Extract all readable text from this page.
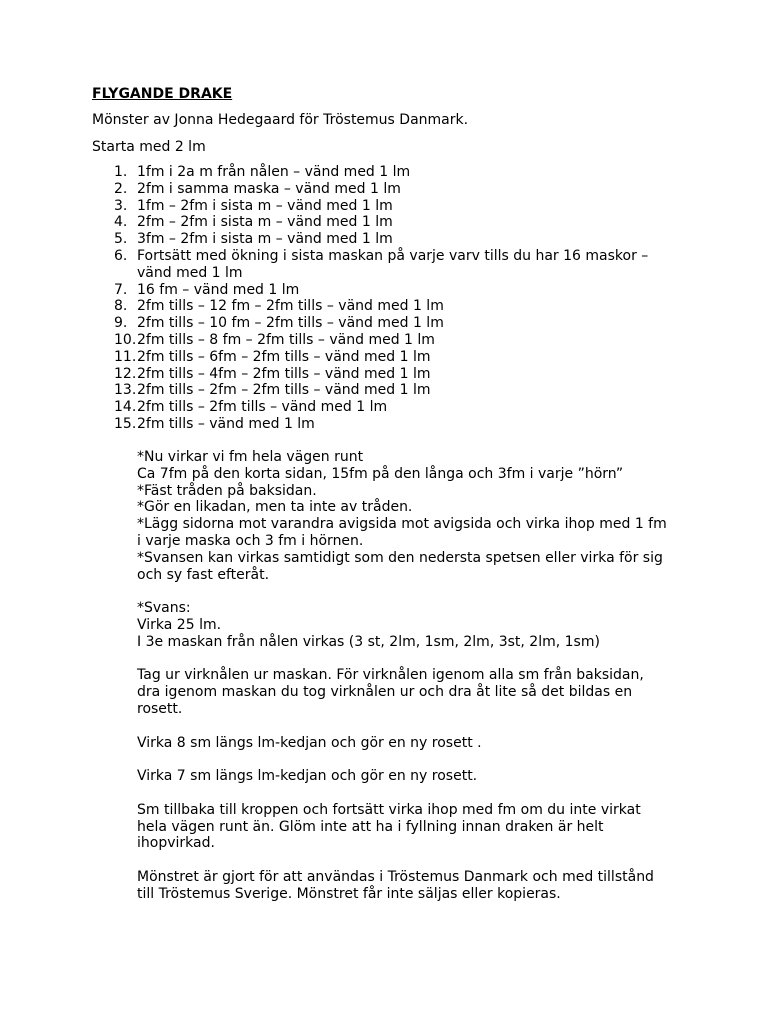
FLYGANDE DRAKE
Mönster av Jonna Hedegaard för Tröstemus Danmark.
Starta med 2 lm
1. 1fm i 2a m från nålen – vänd med 1 lm
2. 2fm i samma maska – vänd med 1 lm
3. 1fm – 2fm i sista m – vänd med 1 lm
4. 2fm – 2fm i sista m – vänd med 1 lm
5. 3fm – 2fm i sista m – vänd med 1 lm
6. Fortsätt med ökning i sista maskan på varje varv tills du har 16 maskor – vänd med 1 lm
7. 16 fm – vänd med 1 lm
8. 2fm tills – 12 fm – 2fm tills – vänd med 1 lm
9. 2fm tills – 10 fm – 2fm tills – vänd med 1 lm
10. 2fm tills – 8 fm – 2fm tills – vänd med 1 lm
11. 2fm tills – 6fm – 2fm tills – vänd med 1 lm
12. 2fm tills – 4fm – 2fm tills – vänd med 1 lm
13. 2fm tills – 2fm – 2fm tills – vänd med 1 lm
14. 2fm tills – 2fm tills – vänd med 1 lm
15. 2fm tills – vänd med 1 lm
*Nu virkar vi fm hela vägen runt
Ca 7fm på den korta sidan, 15fm på den långa och 3fm i varje ”hörn”
*Fäst tråden på baksidan.
*Gör en likadan, men ta inte av tråden.
*Lägg sidorna mot varandra avigsida mot avigsida och virka ihop med 1 fm
i varje maska och 3 fm i hörnen.
*Svansen kan virkas samtidigt som den nedersta spetsen eller virka för sig
och sy fast efteråt.
*Svans:
Virka 25 lm.
I 3e maskan från nålen virkas (3 st, 2lm, 1sm, 2lm, 3st, 2lm, 1sm)
Tag ur virknålen ur maskan. För virknålen igenom alla sm från baksidan,
dra igenom maskan du tog virknålen ur och dra åt lite så det bildas en
rosett.
Virka 8 sm längs lm-kedjan och gör en ny rosett .
Virka 7 sm längs lm-kedjan och gör en ny rosett.
Sm tillbaka till kroppen och fortsätt virka ihop med fm om du inte virkat
hela vägen runt än. Glöm inte att ha i fyllning innan draken är helt
ihopvirkad.
Mönstret är gjort för att användas i Tröstemus Danmark och med tillstånd
till Tröstemus Sverige. Mönstret får inte säljas eller kopieras.
